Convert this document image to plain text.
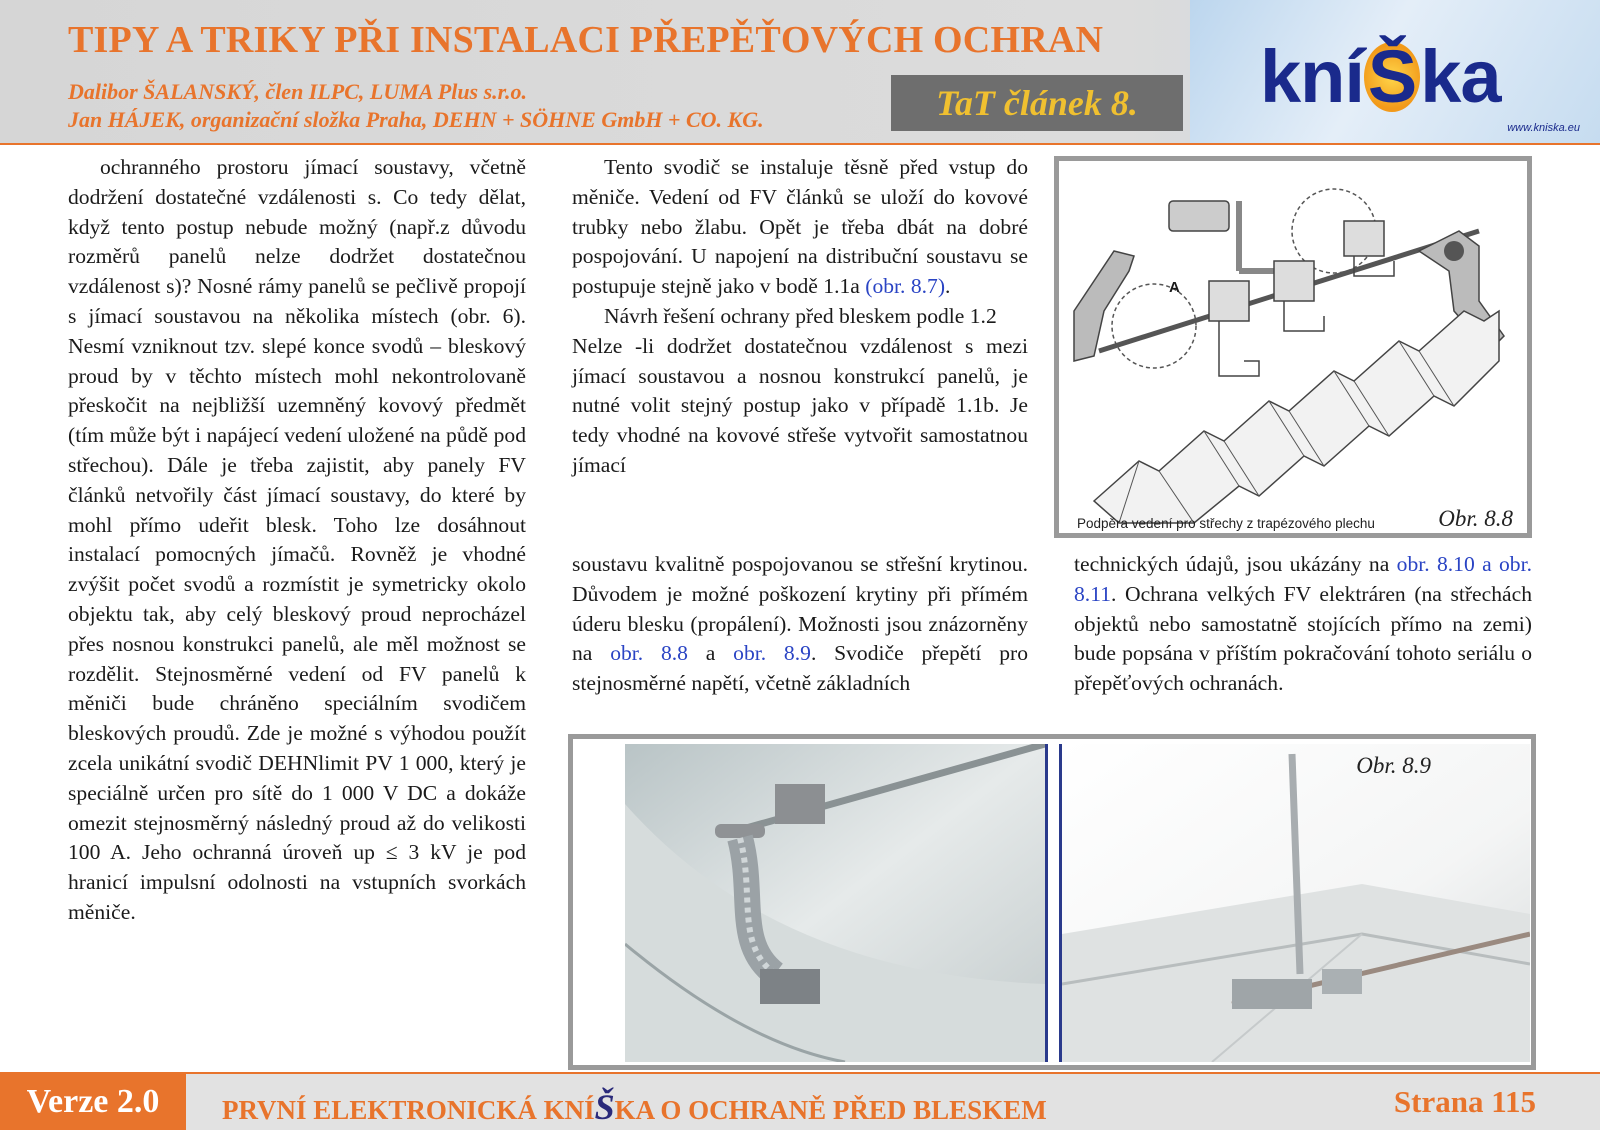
TIPY A TRIKY PŘI INSTALACI PŘEPĚŤOVÝCH OCHRAN
Dalibor ŠALANSKÝ, člen ILPC, LUMA Plus s.r.o.
Jan HÁJEK, organizační složka Praha, DEHN + SÖHNE GmbH + CO. KG.	TaT článek 8. kníŠka
www.kniska.eu

ochranného prostoru jímací soustavy, včetně dodržení dostatečné vzdálenosti s. Co tedy dělat, když tento postup nebude možný (např.z důvodu rozměrů panelů nelze dodržet dostatečnou vzdálenost s)? Nosné rámy panelů se pečlivě propojí s jímací soustavou na několika místech (obr. 6). Nesmí vzniknout tzv. slepé konce svodů – bleskový proud by v těchto místech mohl nekontrolovaně přeskočit na nejbližší uzemněný kovový předmět (tím může být i napájecí vedení uložené na půdě pod střechou). Dále je třeba zajistit, aby panely FV článků netvořily část jímací soustavy, do které by mohl přímo udeřit blesk. Toho lze dosáhnout instalací pomocných jímačů. Rovněž je vhodné zvýšit počet svodů a rozmístit je symetricky okolo objektu tak, aby celý bleskový proud neprocházel přes nosnou konstrukci panelů, ale měl možnost se rozdělit. Stejnosměrné vedení od FV panelů k měniči bude chráněno speciálním svodičem bleskových proudů. Zde je možné s výhodou použít zcela unikátní svodič DEHNlimit PV 1 000, který je speciálně určen pro sítě do 1 000 V DC a dokáže omezit stejnosměrný následný proud až do velikosti 100 A. Jeho ochranná úroveň up ≤ 3 kV je pod hranicí impulsní odolnosti na vstupních svorkách měniče.

Tento svodič se instaluje těsně před vstup do měniče. Vedení od FV článků se uloží do kovové trubky nebo žlabu. Opět je třeba dbát na dobré pospojování. U napojení na distribuční soustavu se postupuje stejně jako v bodě 1.1a (obr. 8.7).

Návrh řešení ochrany před bleskem podle 1.2

Nelze -li dodržet dostatečnou vzdálenost s mezi jímací soustavou a nosnou konstrukcí panelů, je nutné volit stejný postup jako v případě 1.1b. Je tedy vhodné na kovové střeše vytvořit samostatnou jímací

A
Podpěra vedení pro střechy z trapézového plechu	Obr. 8.8

soustavu kvalitně pospojovanou se střešní krytinou. Důvodem je možné poškození krytiny při přímém úderu blesku (propálení). Možnosti jsou znázorněny na obr. 8.8 a obr. 8.9. Svodiče přepětí pro stejnosměrné napětí, včetně základních

technických údajů, jsou ukázány na obr. 8.10 a obr. 8.11. Ochrana velkých FV elektráren (na střechách objektů nebo samostatně stojících přímo na zemi) bude popsána v příštím pokračování tohoto seriálu o přepěťových ochranách.

Obr. 8.9
Verze 2.0 PRVNÍ ELEKTRONICKÁ KNÍŠKA O OCHRANĚ PŘED BLESKEM	Strana 115
